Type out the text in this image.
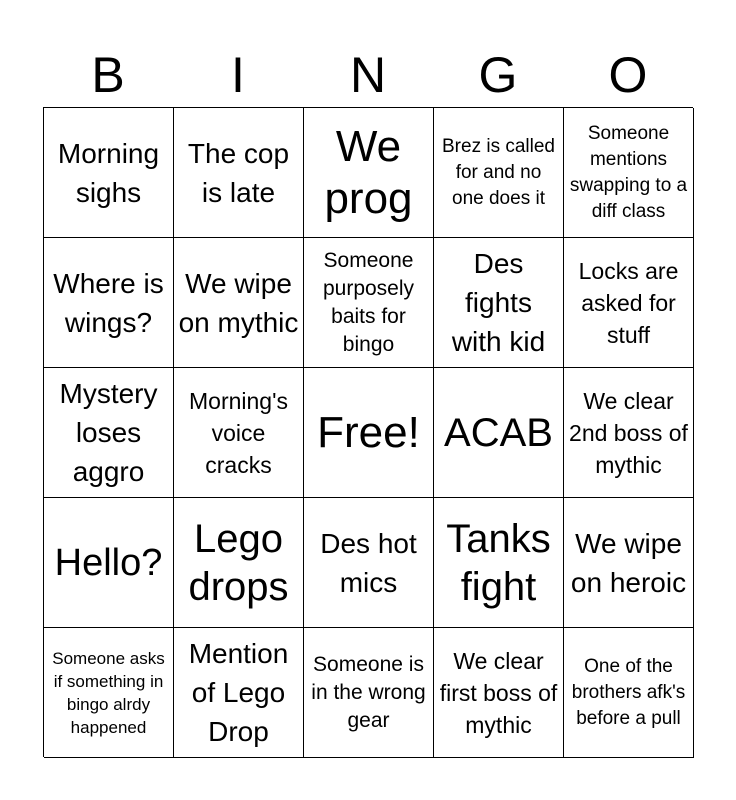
B	I	N	G	O
Morning sighs
The cop is late
We prog
Brez is called for and no one does it
Someone mentions swapping to a diff class
Where is wings?
We wipe on mythic
Someone purposely baits for bingo
Des fights with kid
Locks are asked for stuff
Mystery loses aggro
Morning's voice cracks
Free! ACAB
We clear 2nd boss of mythic
Hello?
Lego drops
Des hot mics
Tanks fight
We wipe on heroic
Someone asks if something in bingo alrdy happened
Mention of Lego Drop
Someone is in the wrong gear
We clear first boss of mythic
One of the brothers afk's before a pull
